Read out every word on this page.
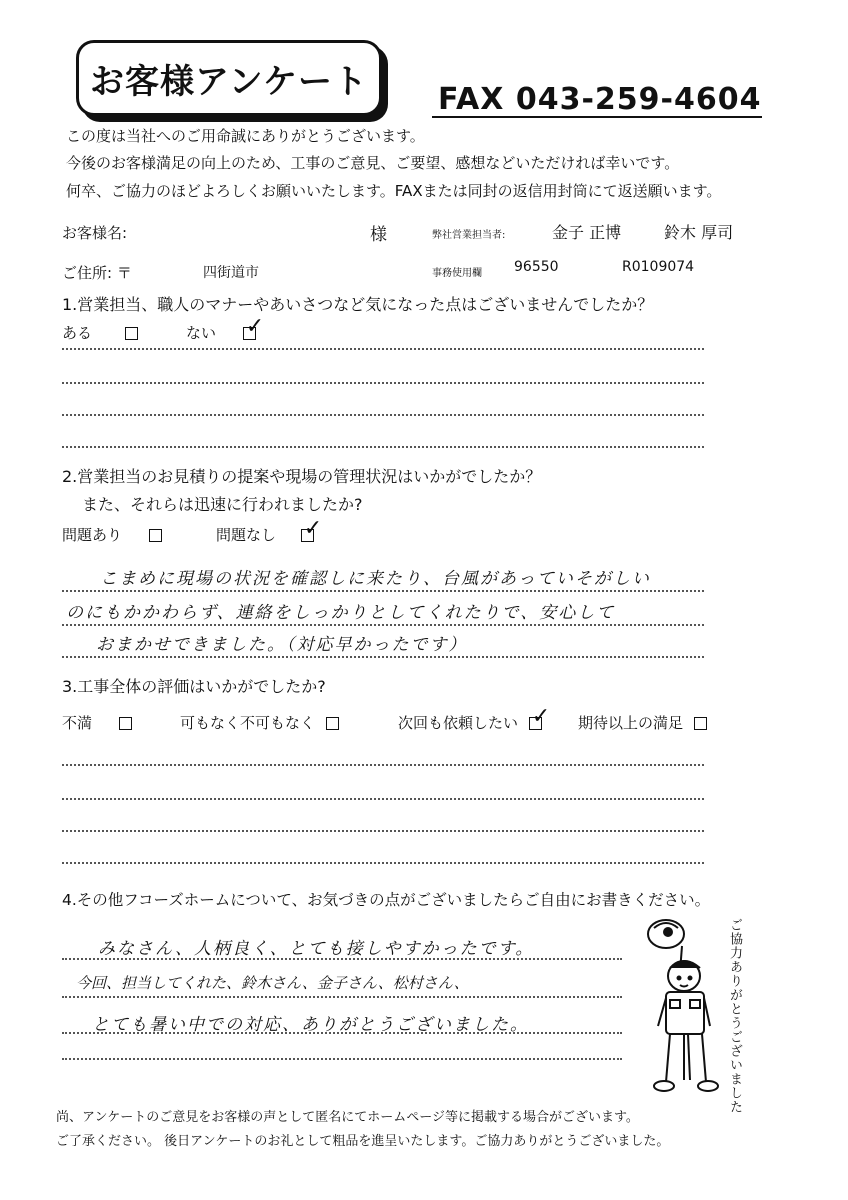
お客様アンケート	FAX 043-259-4604
この度は当社へのご用命誠にありがとうございます。
今後のお客様満足の向上のため、工事のご意見、ご要望、感想などいただければ幸いです。
何卒、ご協力のほどよろしくお願いいたします。FAXまたは同封の返信用封筒にて返送願います。
お客様名:	様	弊社営業担当者:	金子 正博	鈴木 厚司
ご住所: 〒	四街道市	事務使用欄 96550	R0109074
1.営業担当、職人のマナーやあいさつなど気になった点はございませんでしたか？
ある	ない ✓
2.営業担当のお見積りの提案や現場の管理状況はいかがでしたか？
また、それらは迅速に行われましたか?
問題あり	問題なし ✓
こまめに現場の状況を確認しに来たり、台風があっていそがしい
のにもかかわらず、連絡をしっかりとしてくれたりで、安心して
おまかせできました。（対応早かったです）
3.工事全体の評価はいかがでしたか?
不満	可もなく不可もなく	次回も依頼したい ✓ 期待以上の満足
4.その他フコーズホームについて、お気づきの点がございましたらご自由にお書きください。
みなさん、人柄良く、とても接しやすかったです。
今回、担当してくれた、鈴木さん、金子さん、松村さん、
とても暑い中での対応、ありがとうございました。	ご協力ありがとうございました
尚、アンケートのご意見をお客様の声として匿名にてホームページ等に掲載する場合がございます。
ご了承ください。 後日アンケートのお礼として粗品を進呈いたします。ご協力ありがとうございました。
